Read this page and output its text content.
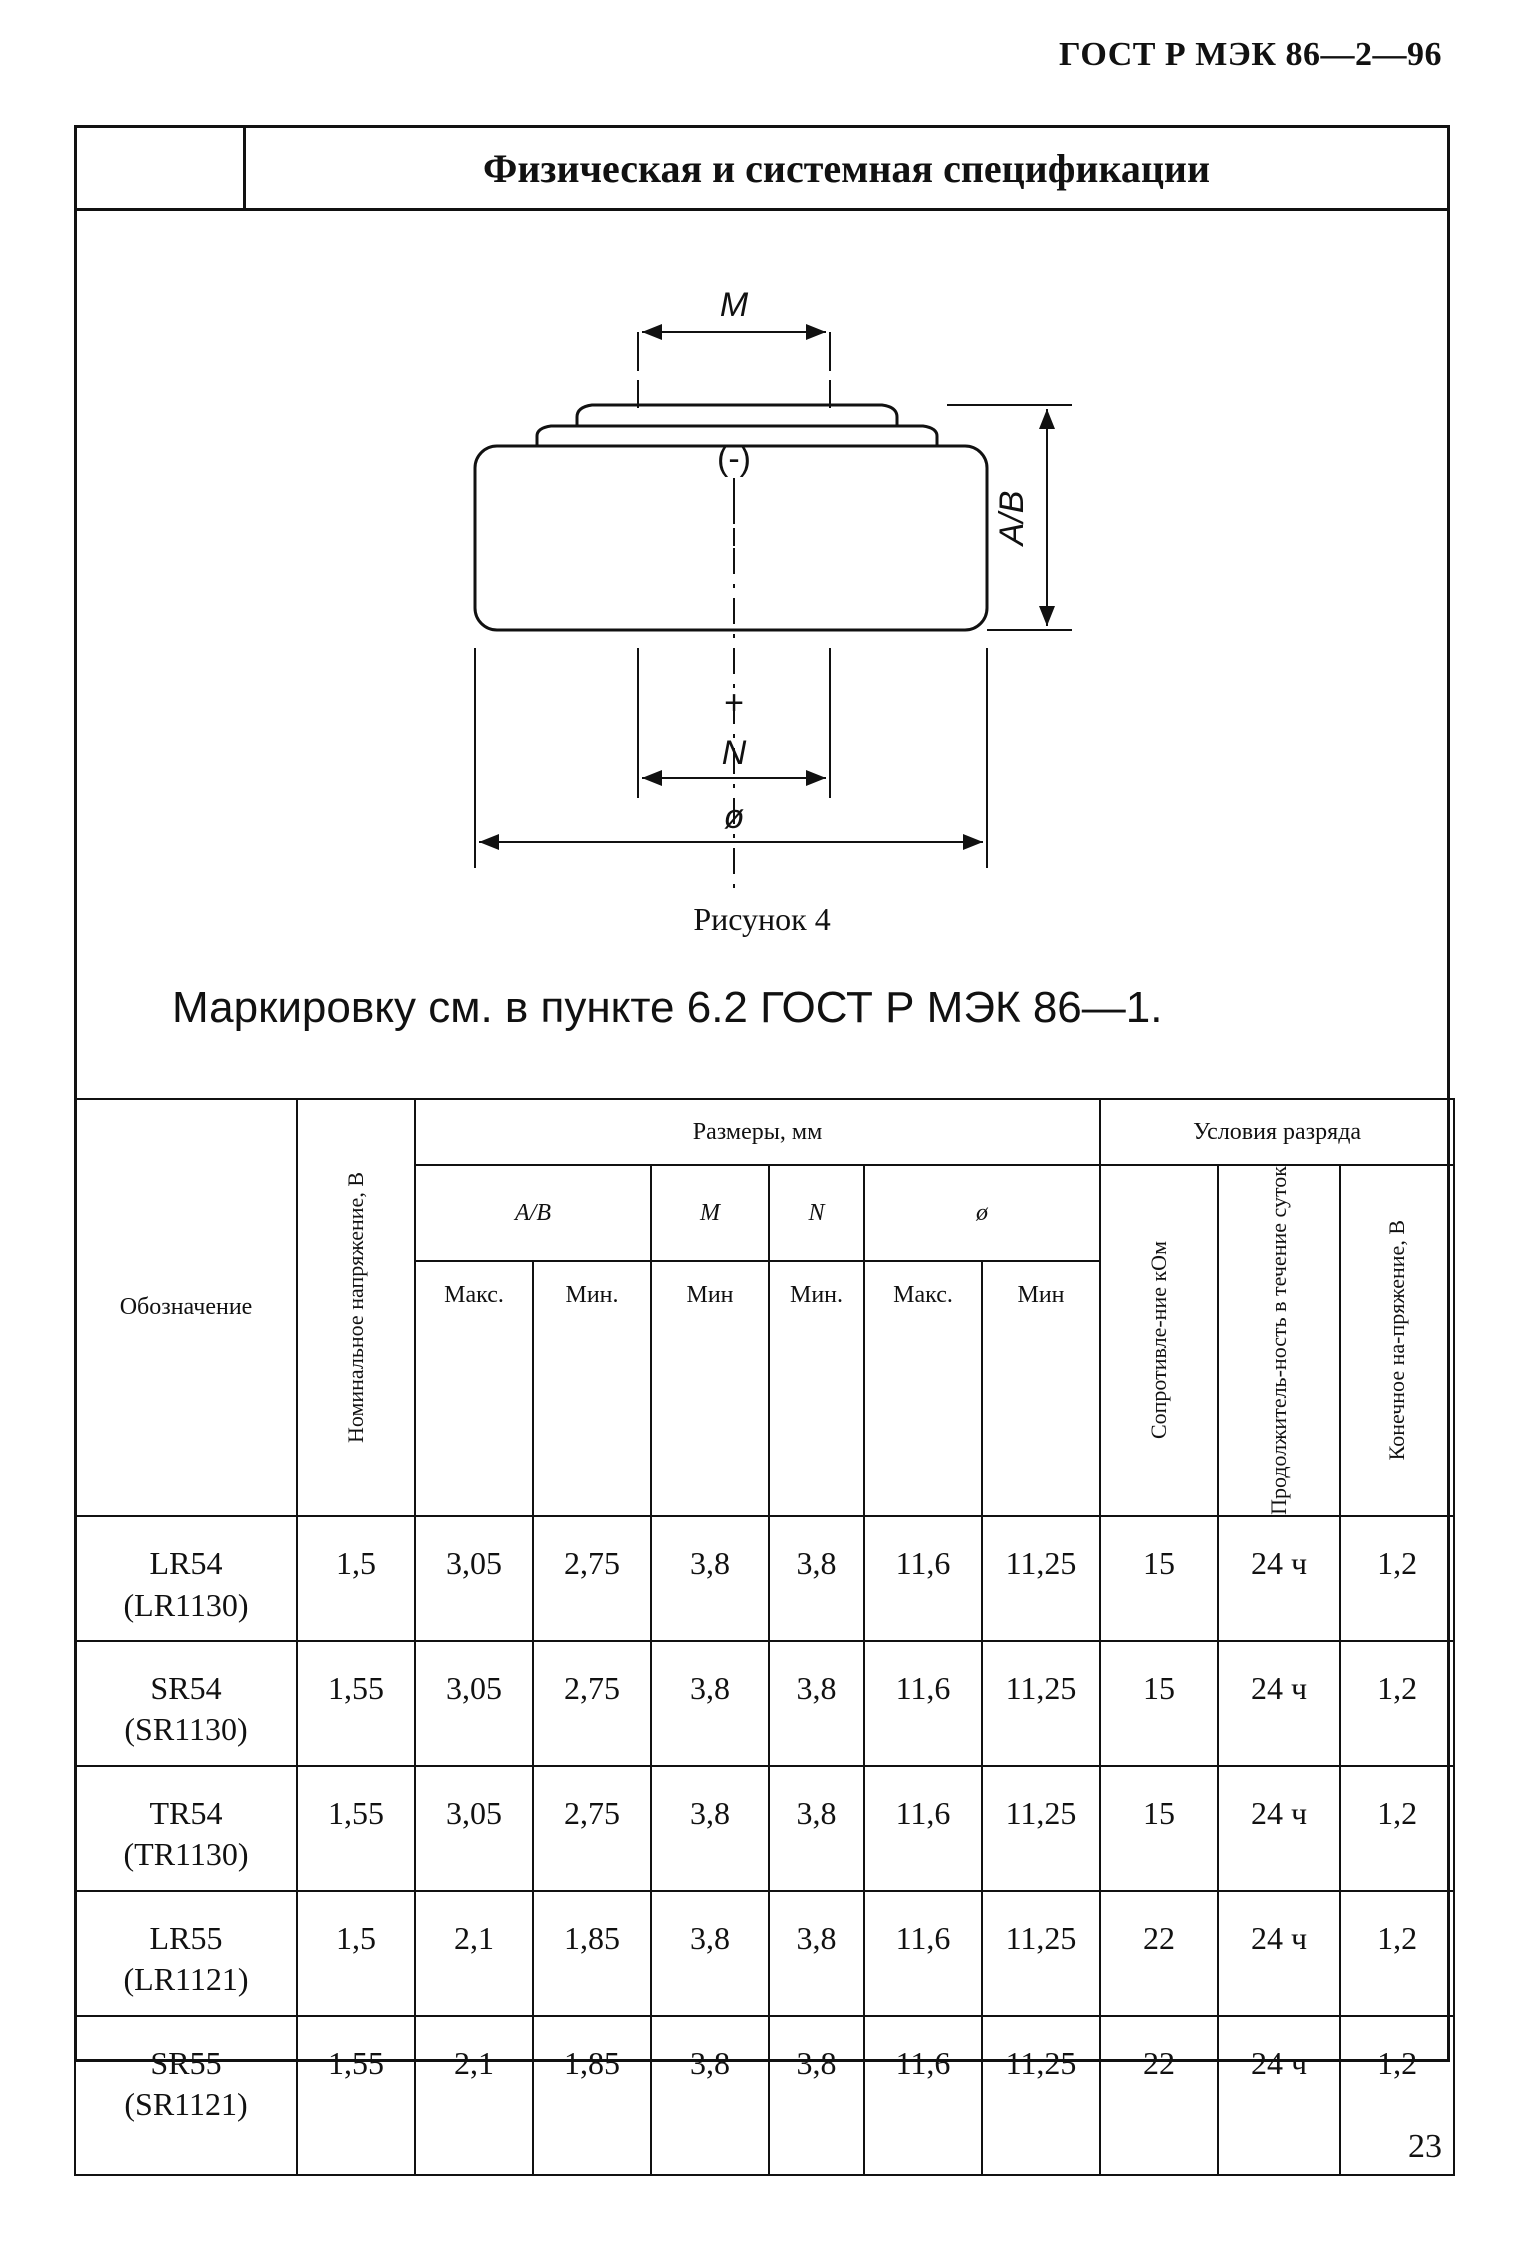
ГОСТ Р МЭК 86—2—96
Физическая и системная спецификации
M
(-)
+
N
ø
A/B
Рисунок 4
Маркировку см. в пункте 6.2 ГОСТ Р МЭК 86—1.
Обозначение	Номинальное напряжение, В	Размеры, мм						Условия разряда		
		A/B		M	N	ø		Сопротивле-ние кОм	Продолжитель-ность в течение суток	Конечное на-пряжение, В

		Макс.	Мин.	Мин	Мин.	Макс.	Мин			

LR54
(LR1130)	1,5	3,05	2,75	3,8	3,8	11,6	11,25	15	24 ч	1,2

SR54
(SR1130)	1,55	3,05	2,75	3,8	3,8	11,6	11,25	15	24 ч	1,2

TR54
(TR1130)	1,55	3,05	2,75	3,8	3,8	11,6	11,25	15	24 ч	1,2

LR55
(LR1121)	1,5	2,1	1,85	3,8	3,8	11,6	11,25	22	24 ч	1,2

SR55
(SR1121)	1,55	2,1	1,85	3,8	3,8	11,6	11,25	22	24 ч	1,2
23
